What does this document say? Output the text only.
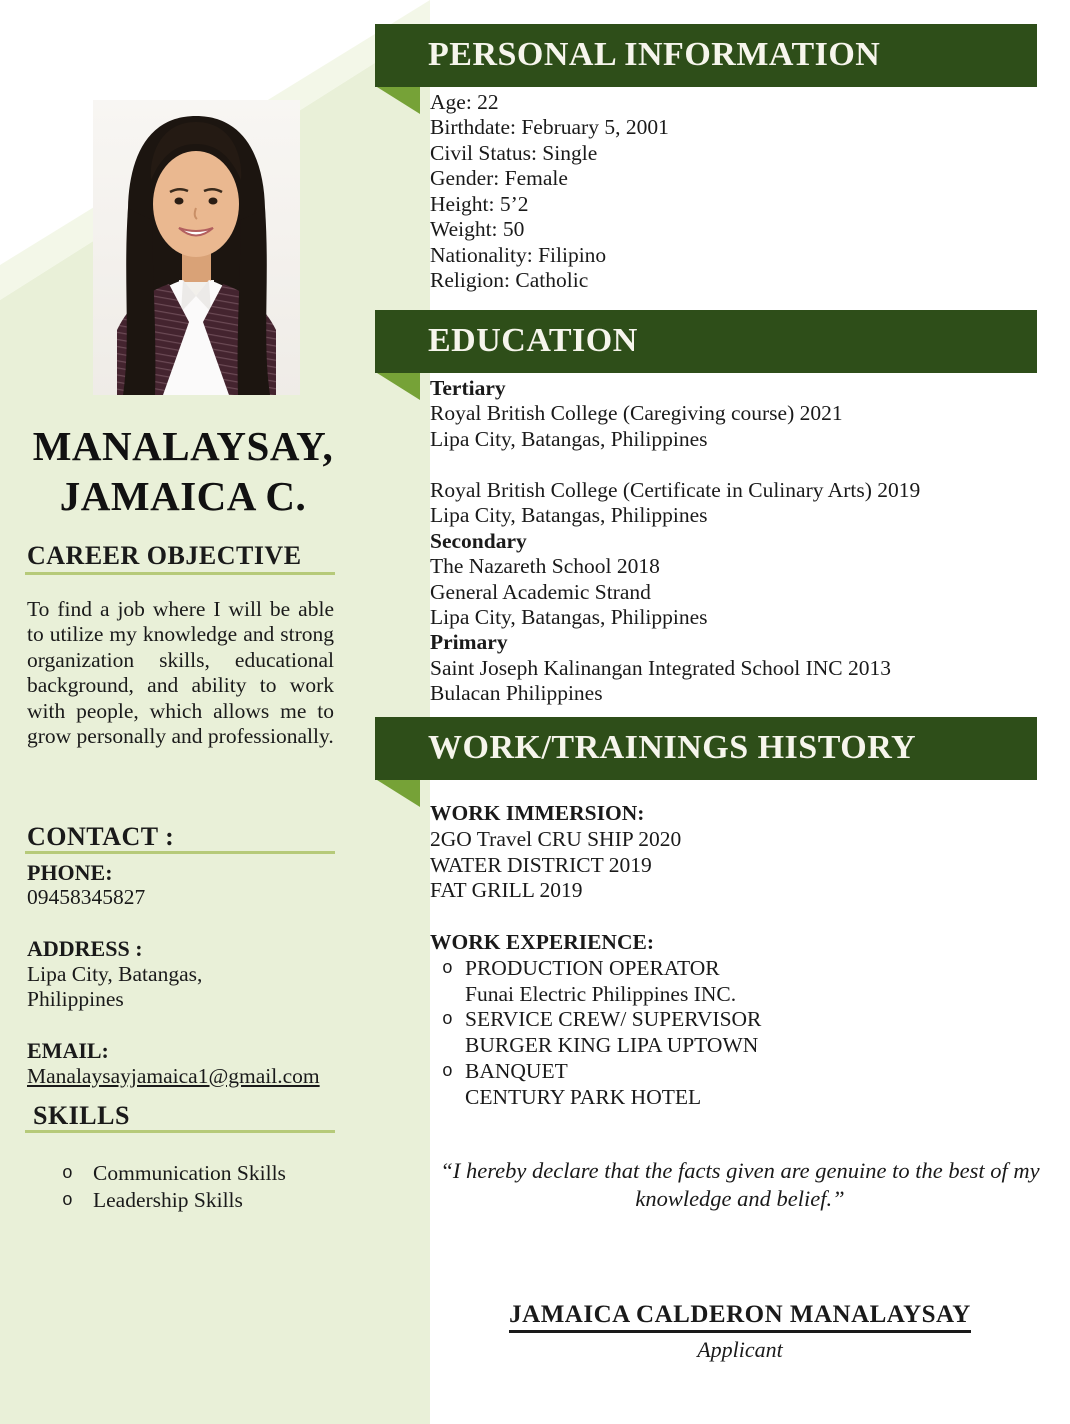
MANALAYSAY,
JAMAICA C.
CAREER OBJECTIVE
To find a job where I will be able to utilize my knowledge and strong organization skills, educational background, and ability to work with people, which allows me to grow personally and professionally.
CONTACT :
PHONE:
09458345827
ADDRESS :
Lipa City, Batangas,
Philippines
EMAIL:
Manalaysayjamaica1@gmail.com
SKILLS
o Communication Skills
o Leadership Skills
PERSONAL INFORMATION
Age: 22
Birthdate: February 5, 2001
Civil Status: Single
Gender: Female
Height: 5’2
Weight: 50
Nationality: Filipino
Religion: Catholic
EDUCATION
Tertiary
Royal British College (Caregiving course) 2021
Lipa City, Batangas, Philippines
Royal British College (Certificate in Culinary Arts) 2019
Lipa City, Batangas, Philippines
Secondary
The Nazareth School 2018
General Academic Strand
Lipa City, Batangas, Philippines
Primary
Saint Joseph Kalinangan Integrated School INC 2013
Bulacan Philippines
WORK/TRAININGS HISTORY
WORK IMMERSION:
2GO Travel CRU SHIP 2020
WATER DISTRICT 2019
FAT GRILL 2019
WORK EXPERIENCE:
o PRODUCTION OPERATOR
Funai Electric Philippines INC.
o SERVICE CREW/ SUPERVISOR
BURGER KING LIPA UPTOWN
o BANQUET
CENTURY PARK HOTEL
“I hereby declare that the facts given are genuine to the best of my knowledge and belief.”
JAMAICA CALDERON MANALAYSAY
Applicant
